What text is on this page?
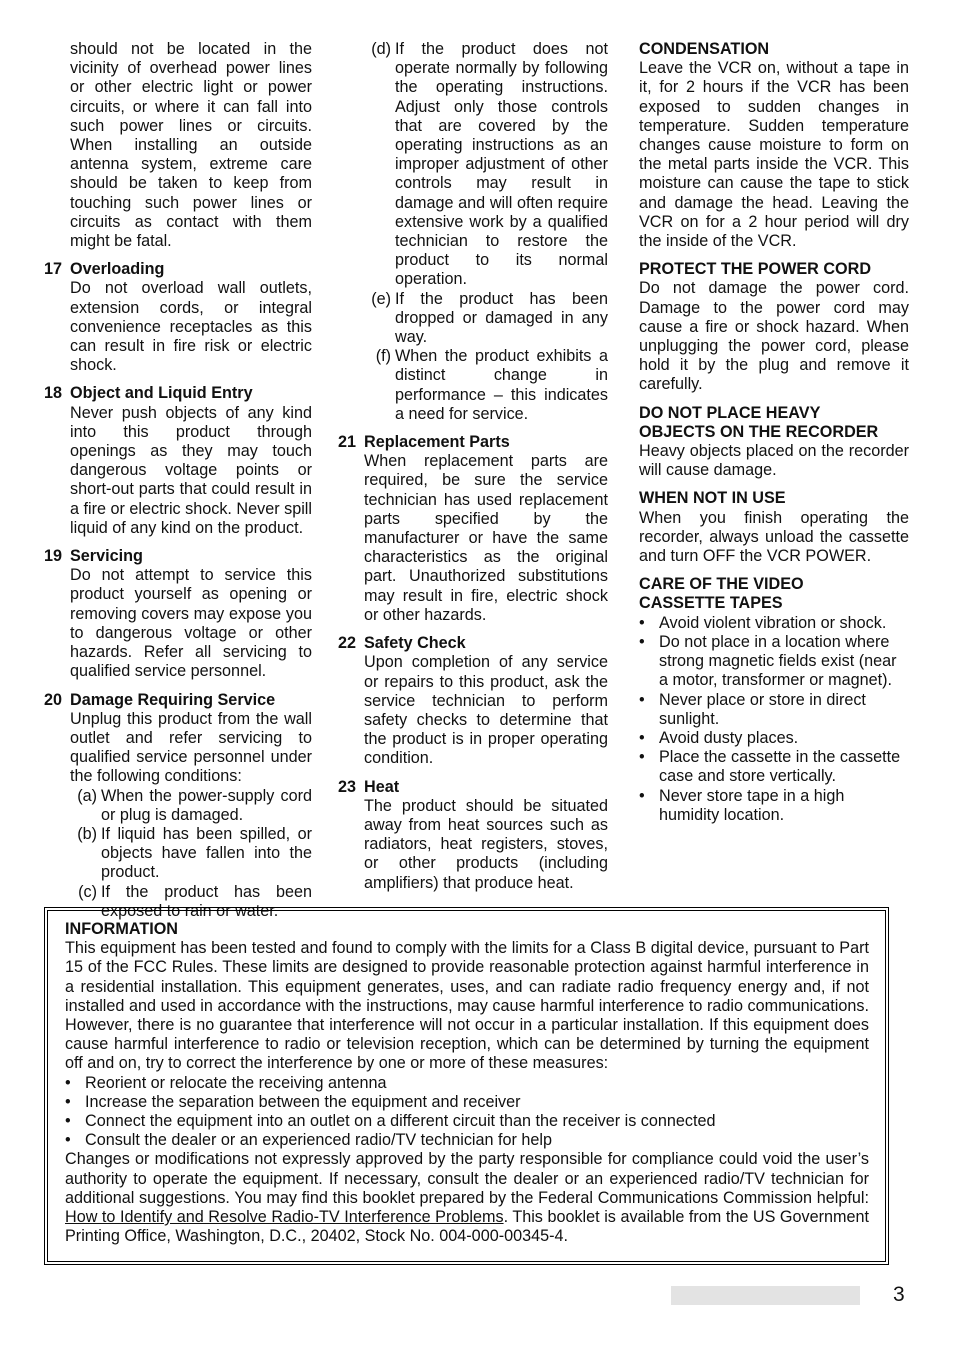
should not be located in the vicinity of overhead power lines or other electric light or power circuits, or where it can fall into such power lines or circuits. When installing an outside antenna system, extreme care should be taken to keep from touching such power lines or circuits as contact with them might be fatal.
17 Overloading
Do not overload wall outlets, extension cords, or integral convenience receptacles as this can result in fire risk or electric shock.
18 Object and Liquid Entry
Never push objects of any kind into this product through openings as they may touch dangerous voltage points or short-out parts that could result in a fire or electric shock. Never spill liquid of any kind on the product.
19 Servicing
Do not attempt to service this product yourself as opening or removing covers may expose you to dangerous voltage or other hazards. Refer all servicing to qualified service personnel.
20 Damage Requiring Service
Unplug this product from the wall outlet and refer servicing to qualified service personnel under the following conditions:
(a) When the power-supply cord or plug is damaged.
(b) If liquid has been spilled, or objects have fallen into the product.
(c) If the product has been exposed to rain or water.
(d) If the product does not operate normally by following the operating instructions. Adjust only those controls that are covered by the operating instructions as an improper adjustment of other controls may result in damage and will often require extensive work by a qualified technician to restore the product to its normal operation.
(e) If the product has been dropped or damaged in any way.
(f) When the product exhibits a distinct change in performance – this indicates a need for service.
21 Replacement Parts
When replacement parts are required, be sure the service technician has used replacement parts specified by the manufacturer or have the same characteristics as the original part. Unauthorized substitutions may result in fire, electric shock or other hazards.
22 Safety Check
Upon completion of any service or repairs to this product, ask the service technician to perform safety checks to determine that the product is in proper operating condition.
23 Heat
The product should be situated away from heat sources such as radiators, heat registers, stoves, or other products (including amplifiers) that produce heat.
CONDENSATION
Leave the VCR on, without a tape in it, for 2 hours if the VCR has been exposed to sudden changes in temperature. Sudden temperature changes cause moisture to form on the metal parts inside the VCR. This moisture can cause the tape to stick and damage the head. Leaving the VCR on for a 2 hour period will dry the inside of the VCR.
PROTECT THE POWER CORD
Do not damage the power cord. Damage to the power cord may cause a fire or shock hazard. When unplugging the power cord, please hold it by the plug and remove it carefully.
DO NOT PLACE HEAVY
OBJECTS ON THE RECORDER
Heavy objects placed on the recorder will cause damage.
WHEN NOT IN USE
When you finish operating the recorder, always unload the cassette and turn OFF the VCR POWER.
CARE OF THE VIDEO
CASSETTE TAPES
• Avoid violent vibration or shock.
• Do not place in a location where strong magnetic fields exist (near a motor, transformer or magnet).
• Never place or store in direct sunlight.
• Avoid dusty places.
• Place the cassette in the cassette case and store vertically.
• Never store tape in a high humidity location.
INFORMATION
This equipment has been tested and found to comply with the limits for a Class B digital device, pursuant to Part 15 of the FCC Rules. These limits are designed to provide reasonable protection against harmful interference in a residential installation. This equipment generates, uses, and can radiate radio frequency energy and, if not installed and used in accordance with the instructions, may cause harmful interference to radio communications. However, there is no guarantee that interference will not occur in a particular installation. If this equipment does cause harmful interference to radio or television reception, which can be determined by turning the equipment off and on, try to correct the interference by one or more of these measures:
• Reorient or relocate the receiving antenna
• Increase the separation between the equipment and receiver
• Connect the equipment into an outlet on a different circuit than the receiver is connected
• Consult the dealer or an experienced radio/TV technician for help
Changes or modifications not expressly approved by the party responsible for compliance could void the user’s authority to operate the equipment. If necessary, consult the dealer or an experienced radio/TV technician for additional suggestions. You may find this booklet prepared by the Federal Communications Commission helpful: How to Identify and Resolve Radio-TV Interference Problems. This booklet is available from the US Government Printing Office, Washington, D.C., 20402, Stock No. 004-000-00345-4.
3
